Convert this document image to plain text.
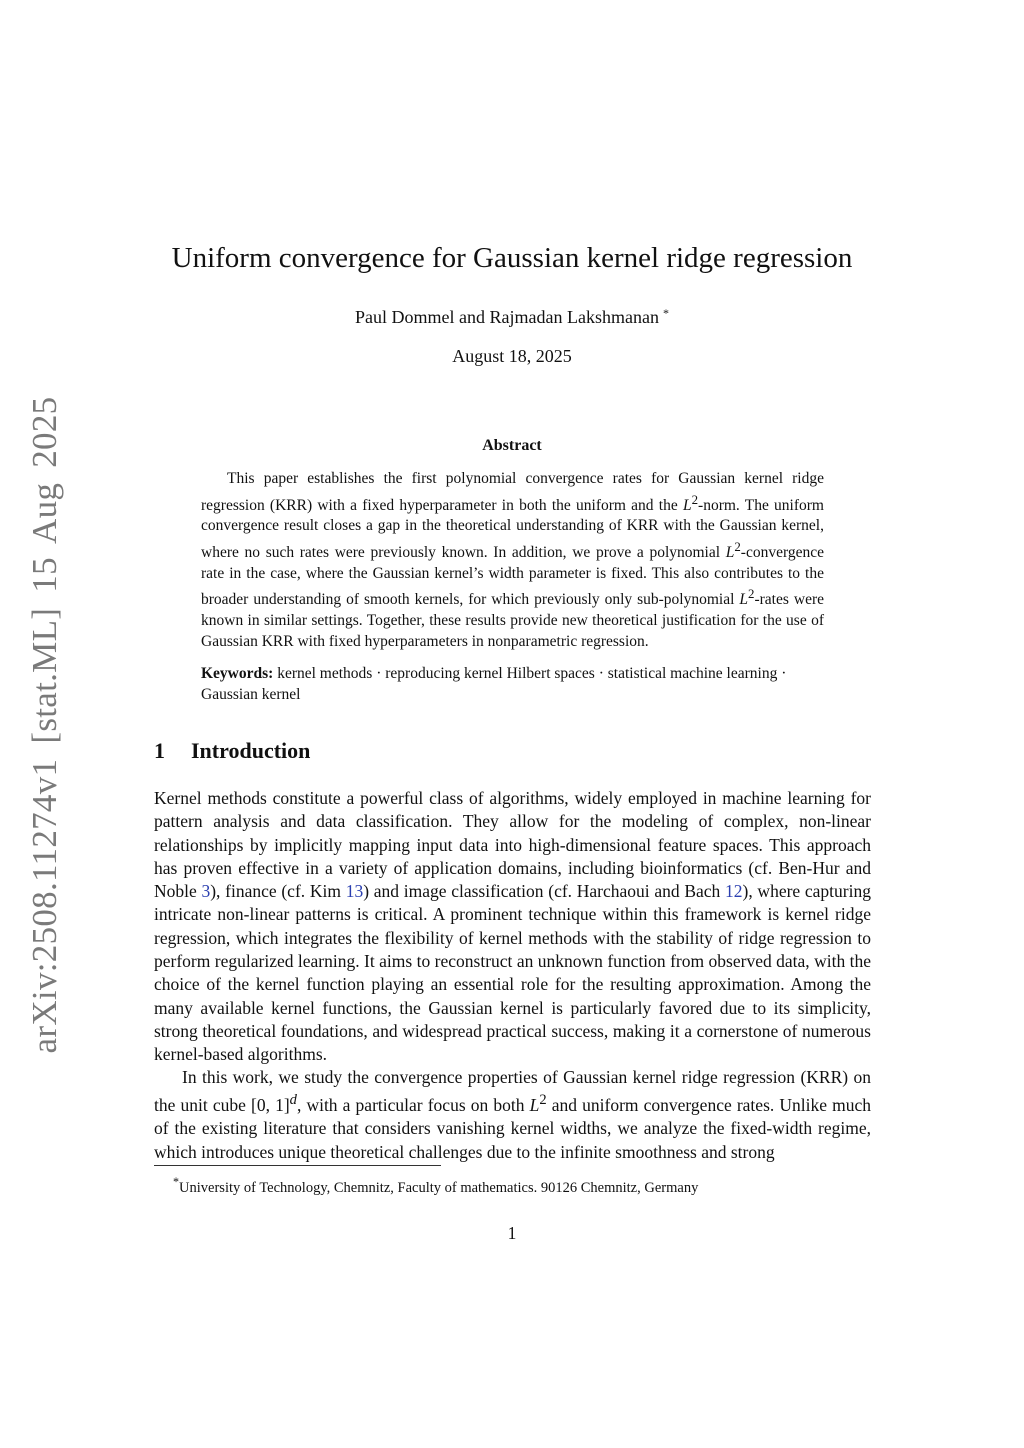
arXiv:2508.11274v1 [stat.ML] 15 Aug 2025
Uniform convergence for Gaussian kernel ridge regression
Paul Dommel and Rajmadan Lakshmanan *
August 18, 2025
Abstract

This paper establishes the first polynomial convergence rates for Gaussian kernel ridge regression (KRR) with a fixed hyperparameter in both the uniform and the $L^2$-norm. The uniform convergence result closes a gap in the theoretical understanding of KRR with the Gaussian kernel, where no such rates were previously known. In addition, we prove a polynomial $L^2$-convergence rate in the case, where the Gaussian kernel’s width parameter is fixed. This also contributes to the broader understanding of smooth kernels, for which previously only sub-polynomial $L^2$-rates were known in similar settings. Together, these results provide new theoretical justification for the use of Gaussian KRR with fixed hyperparameters in nonparametric regression.

Keywords: kernel methods · reproducing kernel Hilbert spaces · statistical machine learning · Gaussian kernel

1 Introduction

Kernel methods constitute a powerful class of algorithms, widely employed in machine learning for pattern analysis and data classification. They allow for the modeling of complex, non-linear relationships by implicitly mapping input data into high-dimensional feature spaces. This approach has proven effective in a variety of application domains, including bioinformatics (cf. Ben-Hur and Noble 3), finance (cf. Kim 13) and image classification (cf. Harchaoui and Bach 12), where capturing intricate non-linear patterns is critical. A prominent technique within this framework is kernel ridge regression, which integrates the flexibility of kernel methods with the stability of ridge regression to perform regularized learning. It aims to reconstruct an unknown function from observed data, with the choice of the kernel function playing an essential role for the resulting approximation. Among the many available kernel functions, the Gaussian kernel is particularly favored due to its simplicity, strong theoretical foundations, and widespread practical success, making it a cornerstone of numerous kernel-based algorithms.

In this work, we study the convergence properties of Gaussian kernel ridge regression (KRR) on the unit cube [0, 1]$^d$, with a particular focus on both $L^2$ and uniform convergence rates. Unlike much of the existing literature that considers vanishing kernel widths, we analyze the fixed-width regime, which introduces unique theoretical challenges due to the infinite smoothness and strong

*University of Technology, Chemnitz, Faculty of mathematics. 90126 Chemnitz, Germany
1
